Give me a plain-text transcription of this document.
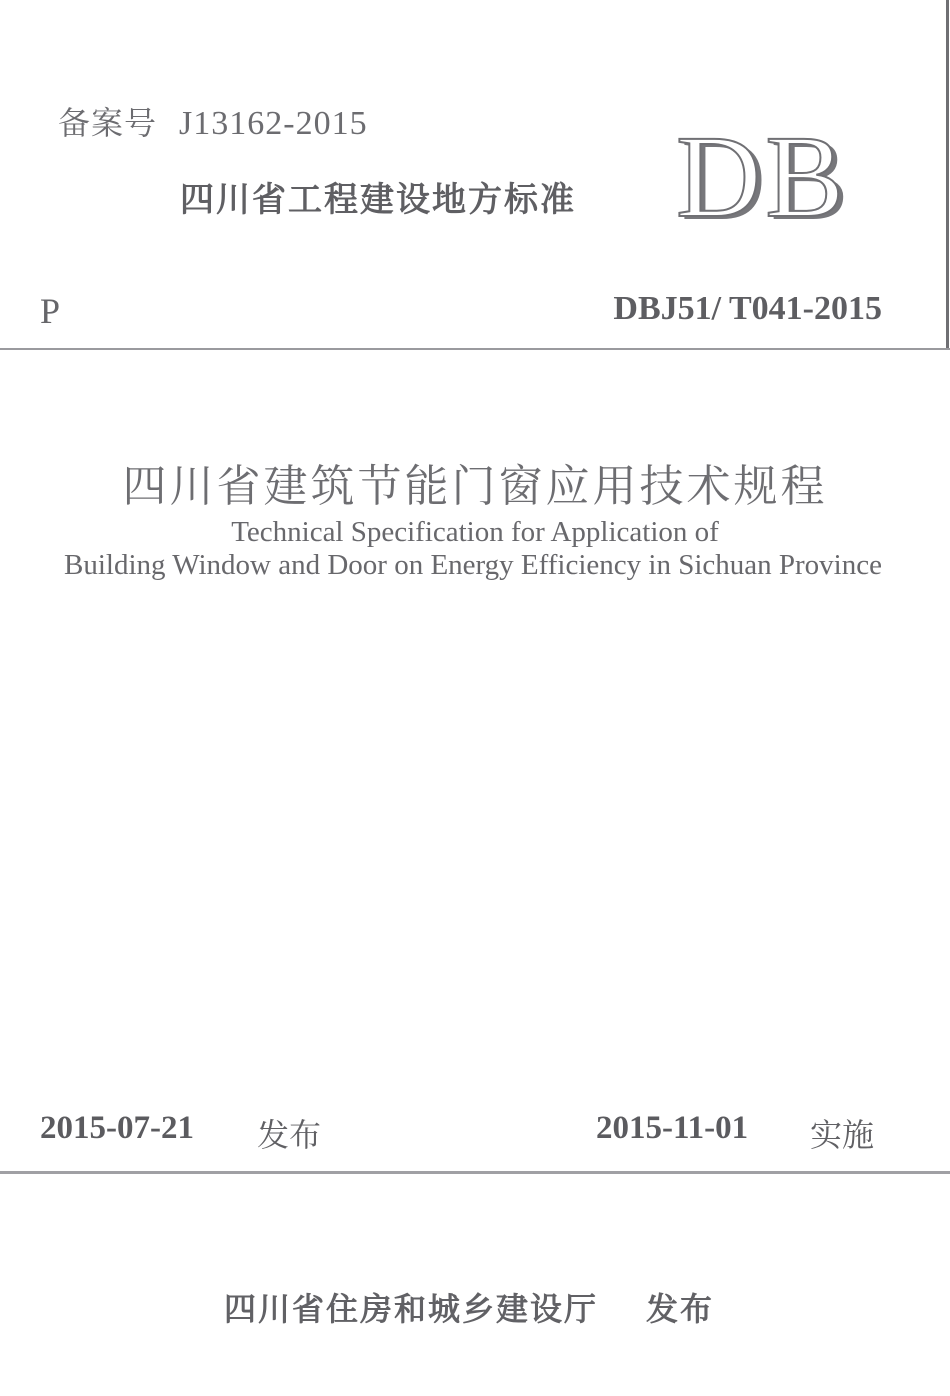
备案号 J13162-2015
四川省工程建设地方标准 DB
P	DBJ51/ T041-2015
四川省建筑节能门窗应用技术规程
Technical Specification for Application of
Building Window and Door on Energy Efficiency in Sichuan Province
2015-07-21 发布	2015-11-01 实施
四川省住房和城乡建设厅 发布
